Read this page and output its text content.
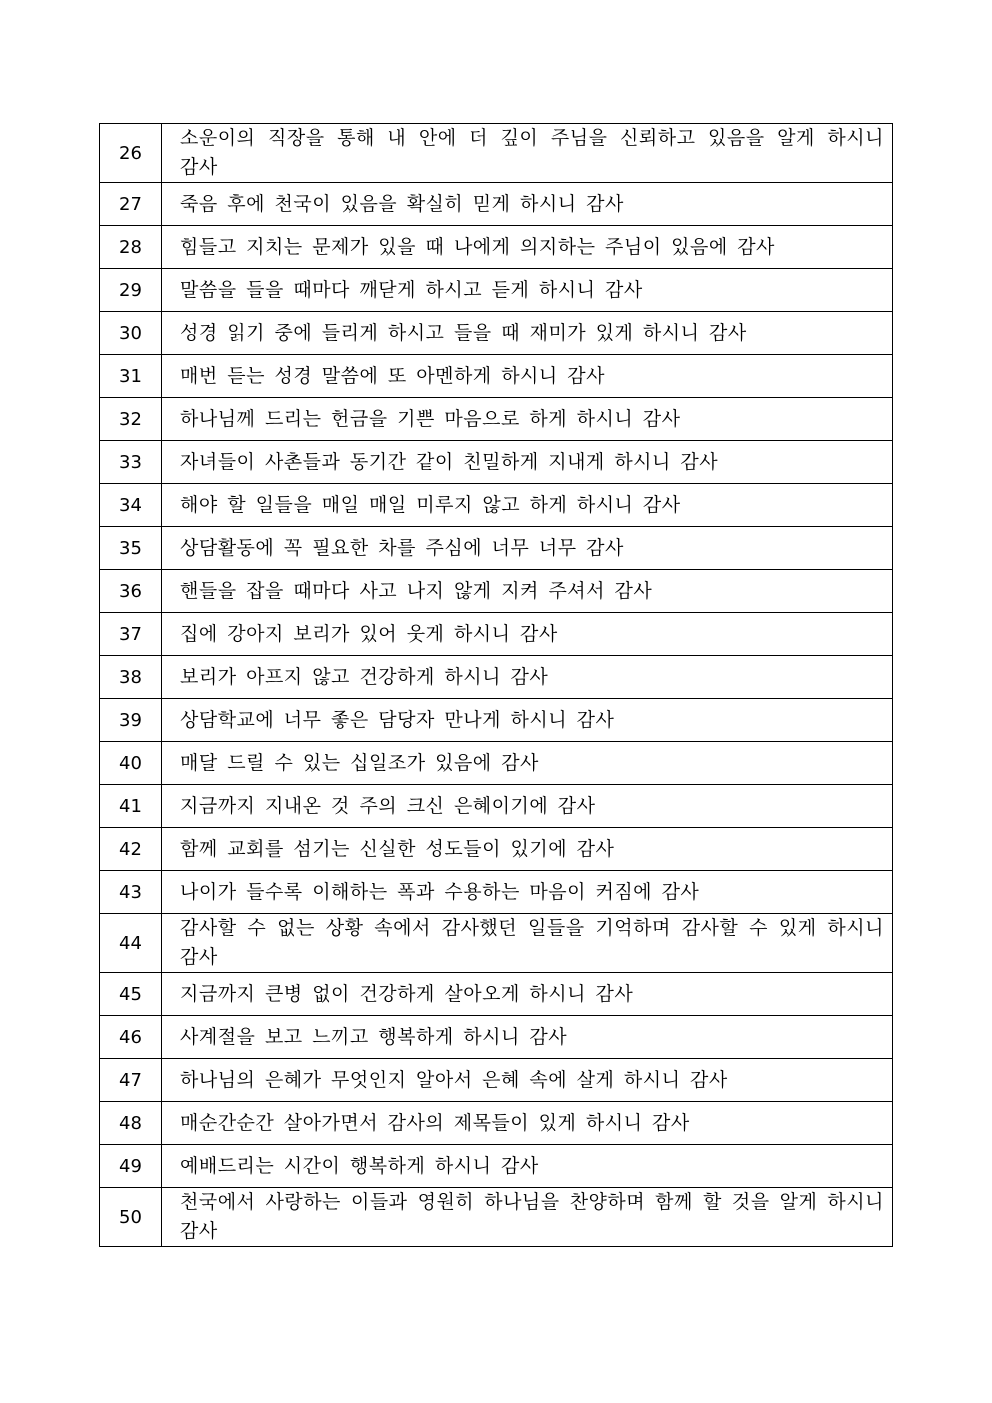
26	소운이의 직장을 통해 내 안에 더 깊이 주님을 신뢰하고 있음을 알게 하시니 감사
27	죽음 후에 천국이 있음을 확실히 믿게 하시니 감사
28	힘들고 지치는 문제가 있을 때 나에게 의지하는 주님이 있음에 감사
29	말씀을 들을 때마다 깨닫게 하시고 듣게 하시니 감사
30	성경 읽기 중에 들리게 하시고 들을 때 재미가 있게 하시니 감사
31	매번 듣는 성경 말씀에 또 아멘하게 하시니 감사
32	하나님께 드리는 헌금을 기쁜 마음으로 하게 하시니 감사
33	자녀들이 사촌들과 동기간 같이 친밀하게 지내게 하시니 감사
34	해야 할 일들을 매일 매일 미루지 않고 하게 하시니 감사
35	상담활동에 꼭 필요한 차를 주심에 너무 너무 감사
36	핸들을 잡을 때마다 사고 나지 않게 지켜 주셔서 감사
37	집에 강아지 보리가 있어 웃게 하시니 감사
38	보리가 아프지 않고 건강하게 하시니 감사
39	상담학교에 너무 좋은 담당자 만나게 하시니 감사
40	매달 드릴 수 있는 십일조가 있음에 감사
41	지금까지 지내온 것 주의 크신 은혜이기에 감사
42	함께 교회를 섬기는 신실한 성도들이 있기에 감사
43	나이가 들수록 이해하는 폭과 수용하는 마음이 커짐에 감사
44	감사할 수 없는 상황 속에서 감사했던 일들을 기억하며 감사할 수 있게 하시니 감사
45	지금까지 큰병 없이 건강하게 살아오게 하시니 감사
46	사계절을 보고 느끼고 행복하게 하시니 감사
47	하나님의 은혜가 무엇인지 알아서 은혜 속에 살게 하시니 감사
48	매순간순간 살아가면서 감사의 제목들이 있게 하시니 감사
49	예배드리는 시간이 행복하게 하시니 감사
50	천국에서 사랑하는 이들과 영원히 하나님을 찬양하며 함께 할 것을 알게 하시니 감사
